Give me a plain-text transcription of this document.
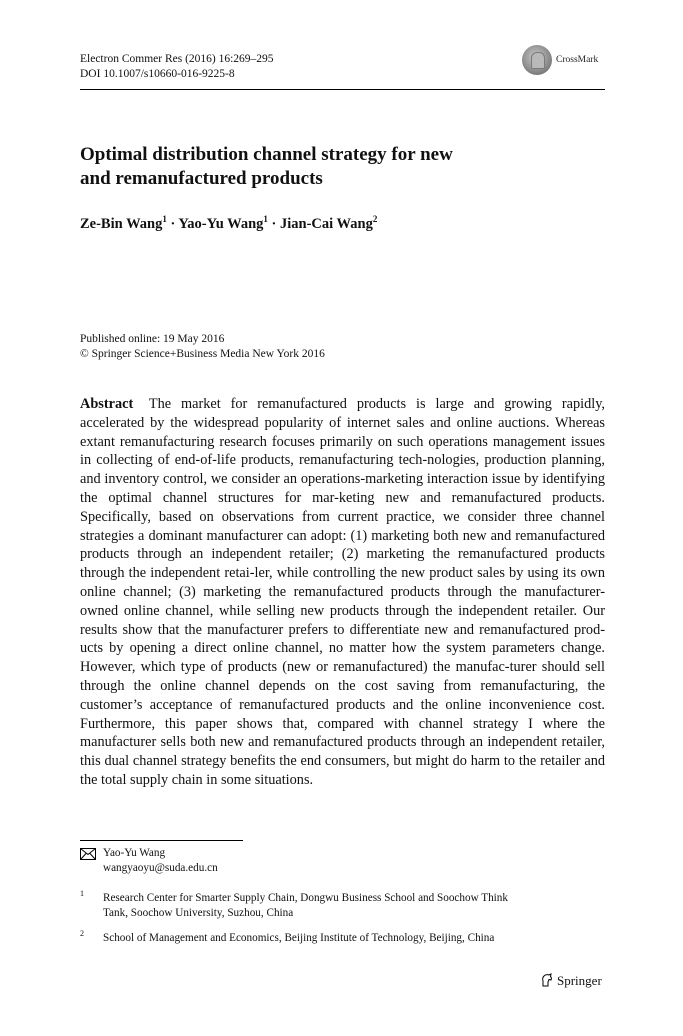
Electron Commer Res (2016) 16:269–295
DOI 10.1007/s10660-016-9225-8
CrossMark
Optimal distribution channel strategy for new
and remanufactured products
Ze-Bin Wang$^1$ · Yao-Yu Wang$^1$ · Jian-Cai Wang$^2$
Published online: 19 May 2016
© Springer Science+Business Media New York 2016

Abstract The market for remanufactured products is large and growing rapidly, accelerated by the widespread popularity of internet sales and online auctions. Whereas extant remanufacturing research focuses primarily on such operations management issues in collecting of end-of-life products, remanufacturing tech-nologies, production planning, and inventory control, we consider an operations-marketing interaction issue by identifying the optimal channel structures for mar-keting new and remanufactured products. Specifically, based on observations from current practice, we consider three channel strategies a dominant manufacturer can adopt: (1) marketing both new and remanufactured products through an independent retailer; (2) marketing the remanufactured products through the independent retai-ler, while controlling the new product sales by using its own online channel; (3) marketing the remanufactured products through the manufacturer-owned online channel, while selling new products through the independent retailer. Our results show that the manufacturer prefers to differentiate new and remanufactured prod-ucts by opening a direct online channel, no matter how the system parameters change. However, which type of products (new or remanufactured) the manufac-turer should sell through the online channel depends on the cost saving from remanufacturing, the customer’s acceptance of remanufactured products and the online inconvenience cost. Furthermore, this paper shows that, compared with channel strategy I where the manufacturer sells both new and remanufactured products through an independent retailer, this dual channel strategy benefits the end consumers, but might do harm to the retailer and the total supply chain in some situations.

Yao-Yu Wang
wangyaoyu@suda.edu.cn
1 Research Center for Smarter Supply Chain, Dongwu Business School and Soochow Think
Tank, Soochow University, Suzhou, China
2 School of Management and Economics, Beijing Institute of Technology, Beijing, China
Springer
